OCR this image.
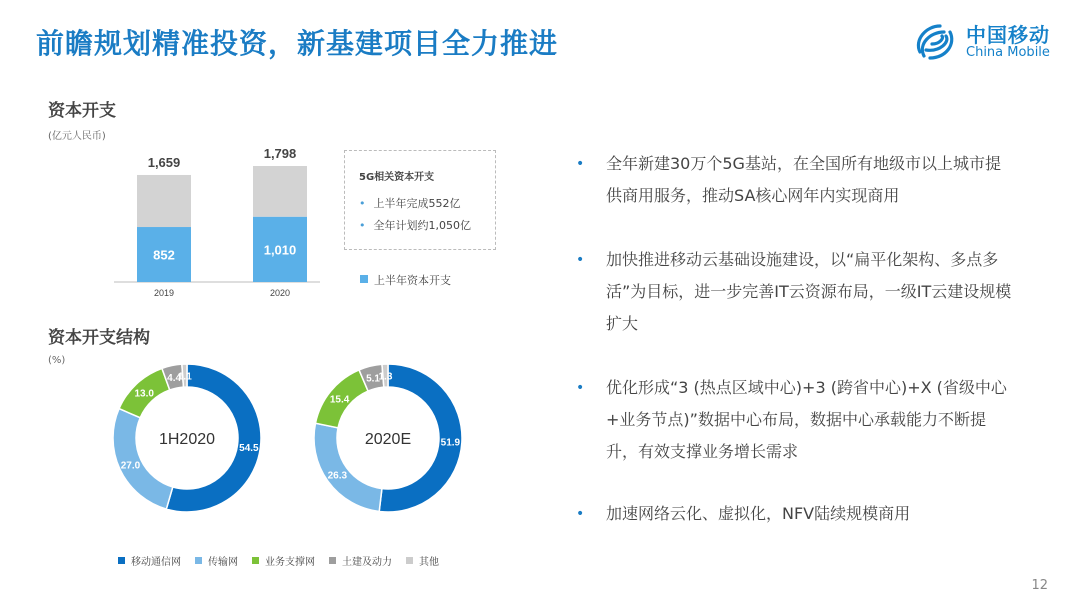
前瞻规划精准投资，新基建项目全力推进	中国移动
China Mobile
资本开支
(亿元人民币)
1,659
852
2019
1,798
1,010
2020
5G相关资本开支
• 上半年完成552亿
• 全年计划约1,050亿
上半年资本开支
资本开支结构
(%)
54.5
27.0
13.0
4.4
1.1
1H2020	51.9
26.3
15.4
5.1
1.3
2020E
移动通信网	传输网	业务支撑网	土建及动力	其他
• 全年新建30万个5G基站，在全国所有地级市以上城市提供商用服务，推动SA核心网年内实现商用
• 加快推进移动云基础设施建设，以“扁平化架构、多点多活”为目标，进一步完善IT云资源布局，一级IT云建设规模扩大
• 优化形成“3 (热点区域中心)+3 (跨省中心)+X (省级中心+业务节点)”数据中心布局，数据中心承载能力不断提升，有效支撑业务增长需求
• 加速网络云化、虚拟化，NFV陆续规模商用
12
